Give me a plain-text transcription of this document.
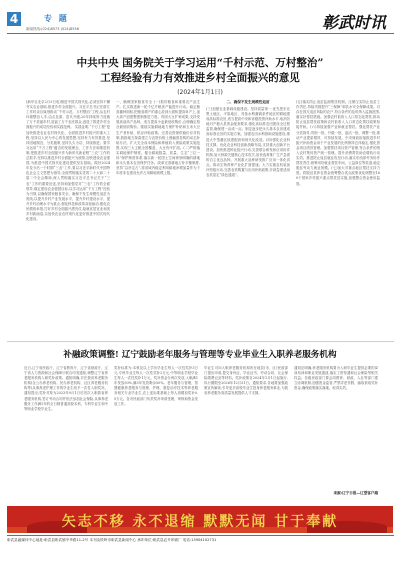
4	专 题
新闻热线:(024)8573 (024)8556	彰武时讯
中共中央 国务院关于学习运用“千村示范、万村整治”
工程经验有力有效推进乡村全面振兴的意见
(2024年1月1日)
(新华社北京2月3日电)推进中国式现代化,必须坚持不懈夯实农业基础,推进乡村全面振兴。习近平总书记在浙江工作时亲自谋划推动“千村示范、万村整治”工程,从农村环境整治入手,由点及面、迭代升级,20年持续努力造就了万千美丽乡村,造福了万千农民群众,创造了推进乡村全面振兴的成功经验和实践范例。 实践证明,“千万工程”是加快推进农业农村现代化、全面推进乡村振兴的重大工程,坚持以人民为中心的发展思想,坚持有力有效推进,坚持因地制宜、分类施策,坚持久久为功、持续推进。要学习运用“千万工程”蕴含的发展理念、工作方法和推进机制,把推进乡村全面振兴作为新时代新征程“三农”工作的总抓手,坚持以推进乡村全面振兴为统领,加快建设农业强国,为推进中国式现代化建设提供坚实基础。做好2024年及今后一个时期“三农”工作,要以习近平新时代中国特色社会主义思想为指导,全面贯彻落实党的二十大和二十届二中全会精神,深入贯彻落实习近平总书记关于“三农”工作的重要论述,坚持和加强党对“三农”工作的全面领导,锚定建设农业强国目标,以学习运用“千万工程”经验为引领,以确保国家粮食安全、确保不发生规模性返贫为底线,以提升乡村产业发展水平、提升乡村建设水平、提升乡村治理水平为重点,强化科技和改革双轮驱动,强化农民增收举措,打好乡村全面振兴漂亮仗,绘就宜居宜业和美乡村新画卷,以加快农业农村现代化更好推进中国式现代化建设。
一、确保国家粮食安全 (一)抓好粮食和重要农产品生产。扎实推进新一轮千亿斤粮食产能提升行动。稳定粮食播种面积,把粮食增产的重心放到大面积提高单产上,加大高产创建整建制推进力度。巩固大豆扩种成果,支持发展高油高产品种。适当提高小麦最低收购价,合理确定稻谷最低收购价。继续实施耕地地力保护补贴和玉米大豆生产者补贴、稻谷补贴政策。完善农资保供稳价应对机制,鼓励地方探索建立与农资价格上涨幅度挂钩的动态补贴办法。扩大完全成本保险和种植收入保险政策实施范围,实现三大主粮全国覆盖、大豆有序扩面。(二)严格落实耕地保护制度。健全耕地数量、质量、生态“三位一体”保护制度体系,落实新一轮国土空间规划明确的耕地和永久基本农田保护任务。改革完善耕地占补平衡制度,坚持“以补定占”,将省域内稳定利用耕地净增加量作为下年度非农建设允许占用耕地规模上限。
二、确保不发生规模性返贫
(三)加强农业基础设施建设。坚持质量第一,优先把东北黑土地区、平原地区、具备水利灌溉条件地区的耕地建成高标准农田,适当提高中央和省级投资补助水平,取消各地对产粮大县资金配套要求,强化高标准农田建设全过程监管,确保建一亩成一亩。制定逐步把永久基本农田建成高标准农田的实施方案。加强农田水利基础设施建设,推进大中型灌区续建配套和现代化改造。(四)强化农业科技支撑。优化农业科技创新战略布局,支持重大创新平台建设。加快推进种业振兴行动,完善联合研发和应用协作机制,加大种源关键核心技术攻关,加快选育推广生产急需的自主优良品种。开展重大品种研发推广应用一体化试点。推动生物育种产业化扩面提速。大力实施农机装备补短板行动,完善农机购置与应用补贴政策,开辟急需适用农机鉴定“绿色通道”。
(五)落实防止返贫监测帮扶机制。压紧压实防止返贫工作责任,持续巩固提升“三保障”和饮水安全保障成果。对存在因灾返贫风险的农户,符合条件的及时纳入监测范围,落实好帮扶措施。加强农村低收入人口常态化帮扶,推动防止返贫帮扶政策和农村低收入人口常态化帮扶政策衔接并轨。(六)持续加强产业和就业帮扶。强化帮扶产业分类指导,巩固一批、升级一批、盘活一批、调整一批,推动产业提质增效、可持续发展。中央财政衔接推进乡村振兴补助资金用于产业发展的比例保持总体稳定,强化资金项目绩效管理。加强帮扶项目资产管理,符合条件的纳入农村集体资产统一管理。提升消费帮扶助农增收行动实效。推进防止返贫就业攻坚行动,落实东西部劳务协作帮扶责任,统筹用好就业帮扶车间、公益岗位等渠道,稳定脱贫劳动力就业规模。(七)加大对重点地区帮扶支持力度。将脱贫县涉农资金统筹整合试点政策优化调整至160个国家乡村振兴重点帮扶县实施,加强整合资金使用监管。
补融政策调整! 辽宁鼓励老年服务与管理等专业毕业生入职养老服务机构
近日,辽宁省民政厅、辽宁省教育厅、辽宁省财政厅、辽宁省人力资源和社会保障厅联合印发通知,调整辽宁省养老服务机构入职奖补政策。通知明确,对在我省养老服务机构(含公办养老机构、民办养老机构、社区养老服务机构等)从事养老护理工作的毕业生给予一次性入职奖补。通知提出,奖补对象为2023年9月1日后首次入职我省养老服务机构,签订劳动合同并依法参加社会保险,从事养老服务工作满1年的全日制普通高校本科、专科毕业生和中等职业学校毕业生。
奖补标准为:本科及以上学历毕业生每人一次性奖补3万元,专科毕业生每人一次性奖补2万元,中等职业学校毕业生每人一次性奖补1万元。奖补资金分两次发放,入职满1年发放50%,满3年发放剩余50%。老年服务与管理、智慧健康养老服务与管理、护理、康复治疗技术等养老服务相关专业毕业生,在上述标准基础上每人再增加奖补0.5万元。各市民政部门负责奖补申请受理、审核和资金发放工作。
毕业生可向入职养老服务机构所在地县(市、区)民政部门提出申请,提交身份证、毕业证书、劳动合同、社会保险缴费记录等材料。奖补政策自2024年1月1日起施行,执行期限至2026年12月31日。通知要求,各地要加强政策宣传解读,引导更多高校毕业生投身养老服务事业,为我省养老服务高质量发展提供人才支撑。
通知还明确,养老服务机构要为入职毕业生提供必要的岗前培训和职业发展通道,落实工资待遇和社会保险等相关权益。各级民政部门要会同教育、财政、人社等部门建立协调机制,加强资金监管,严禁弄虚作假、骗取套取奖补资金,确保政策落实落地、取得实效。
来源:辽宁日报—辽望客户端
矢志不移 永不退缩 默默无闻 甘于奉献
彰武县融媒体中心地址:彰武县彰武镇中华路11-2号 本刊由铁岭市彰武县新闻中心 承印单位:彰武县必升印刷厂 电话:13904102731
